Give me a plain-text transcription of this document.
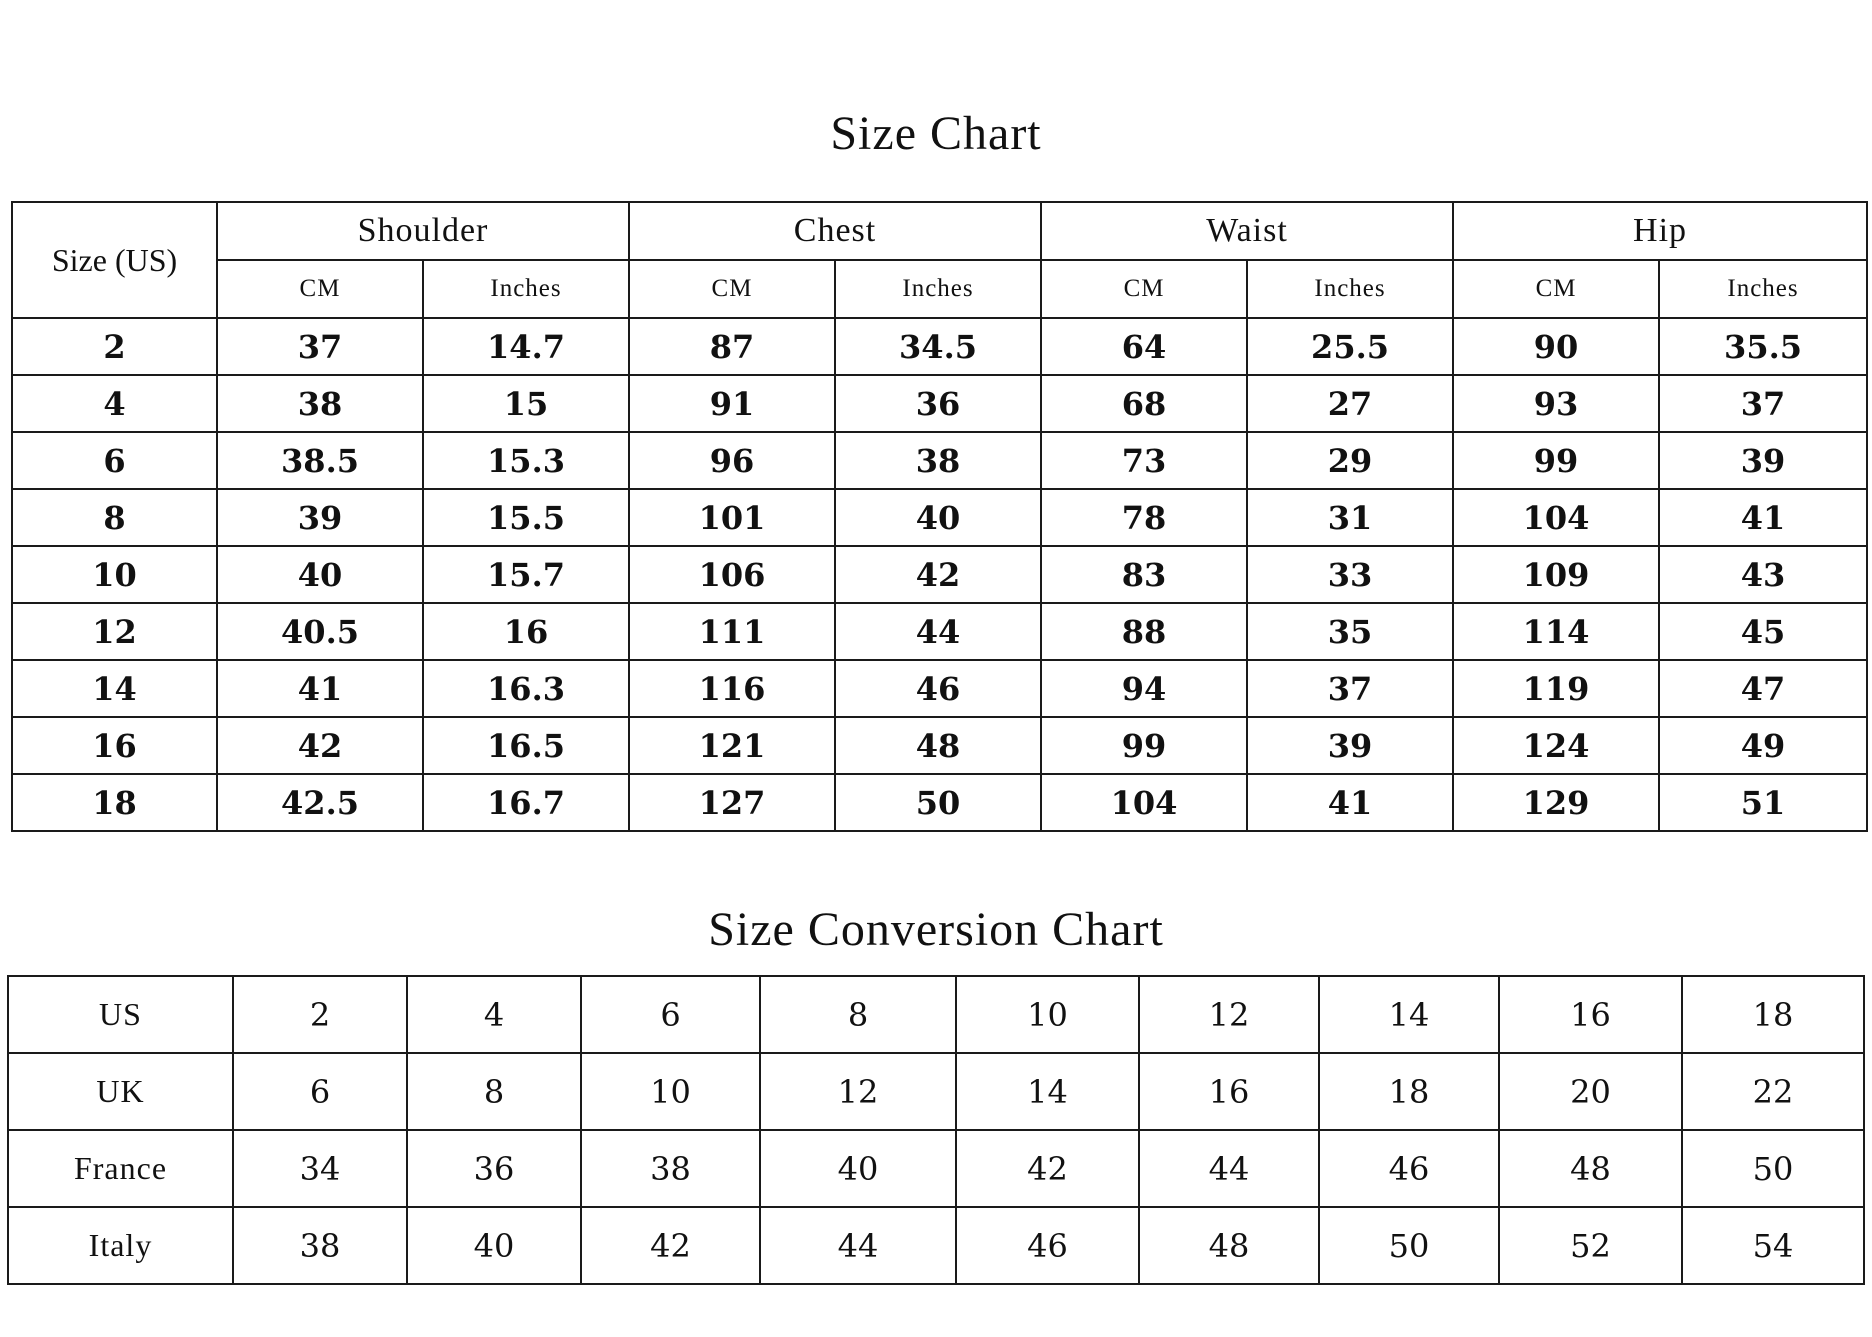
Size Chart
Size (US)	Shoulder		Chest		Waist		Hip	
	CM	Inches	CM	Inches	CM	Inches	CM	Inches
2	37	14.7	87	34.5	64	25.5	90	35.5
4	38	15	91	36	68	27	93	37
6	38.5	15.3	96	38	73	29	99	39
8	39	15.5	101	40	78	31	104	41
10	40	15.7	106	42	83	33	109	43
12	40.5	16	111	44	88	35	114	45
14	41	16.3	116	46	94	37	119	47
16	42	16.5	121	48	99	39	124	49
18	42.5	16.7	127	50	104	41	129	51
Size Conversion Chart
US	2	4	6	8	10	12	14	16	18
UK	6	8	10	12	14	16	18	20	22
France	34	36	38	40	42	44	46	48	50
Italy	38	40	42	44	46	48	50	52	54
